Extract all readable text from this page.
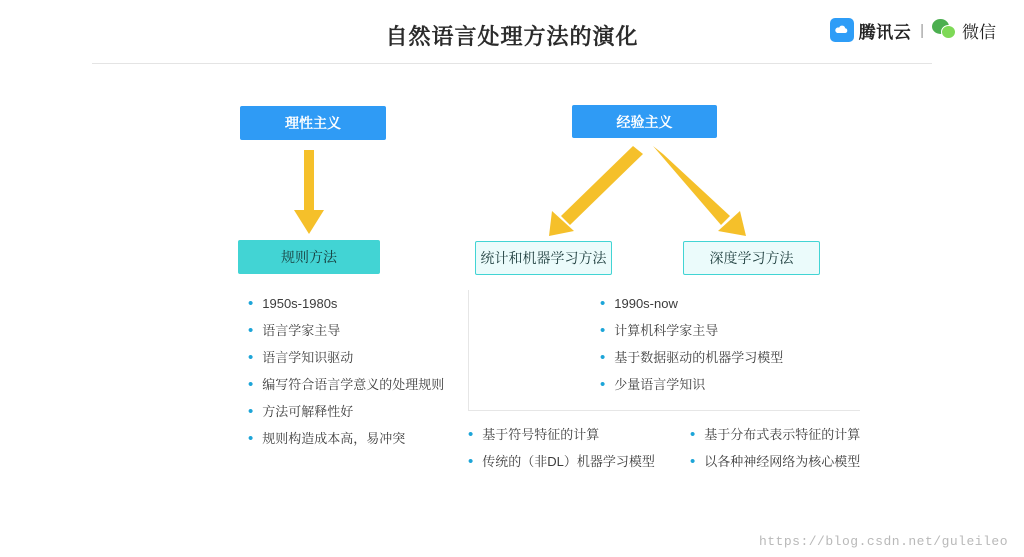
自然语言处理方法的演化	腾讯云 | 微信
理性主义	经验主义
规则方法	统计和机器学习方法	深度学习方法
• 1950s-1980s
• 语言学家主导
• 语言学知识驱动
• 编写符合语言学意义的处理规则
• 方法可解释性好
• 规则构造成本高，易冲突
• 1990s-now
• 计算机科学家主导
• 基于数据驱动的机器学习模型
• 少量语言学知识
• 基于符号特征的计算
• 传统的（非DL）机器学习模型
• 基于分布式表示特征的计算
• 以各种神经网络为核心模型
https://blog.csdn.net/guleileo
